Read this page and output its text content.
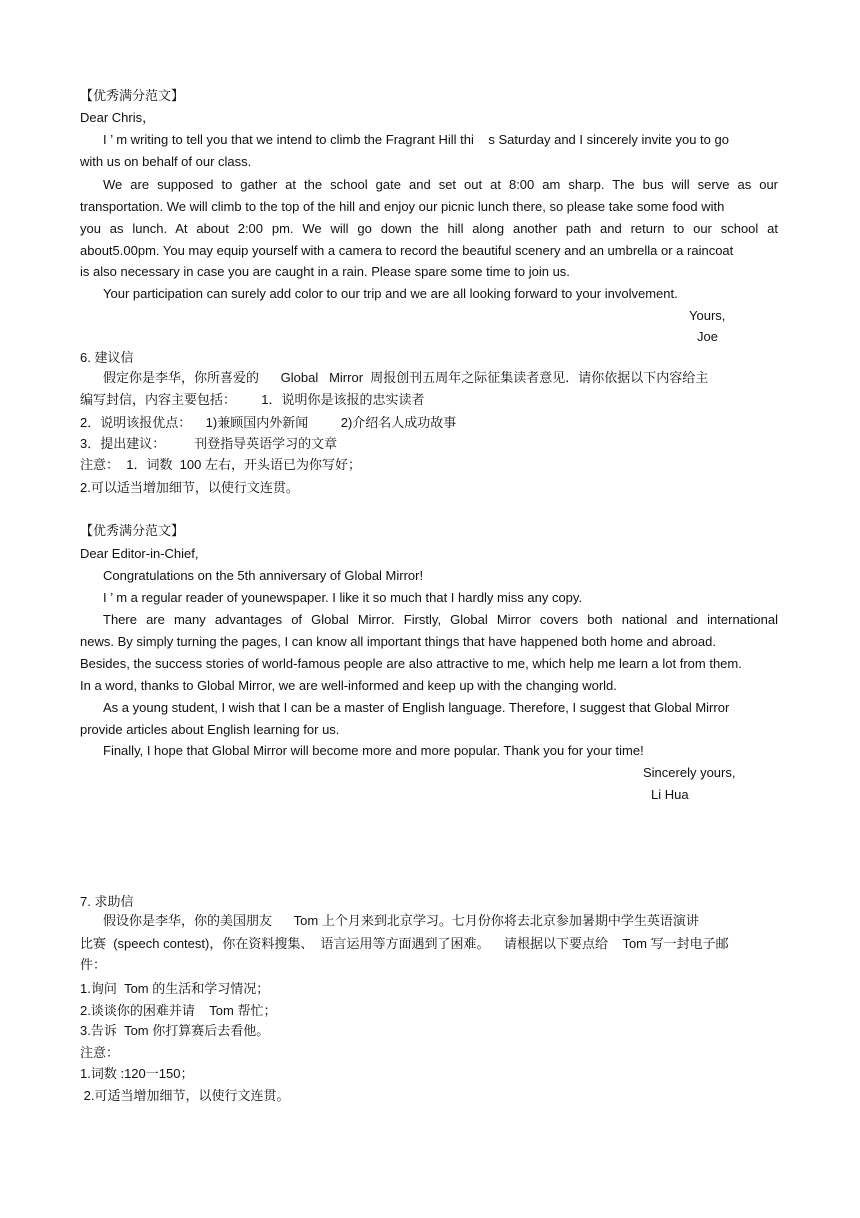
【优秀满分范文】
Dear Chris，
I ’ m writing to tell you that we intend to climb the Fragrant Hill thi    s Saturday and I sincerely invite you to go
with us on behalf of our class.
We are supposed to gather at the school gate and set out at 8:00 am sharp. The bus will serve as our
transportation. We will climb to the top of the hill and enjoy our picnic lunch there, so please take some food with
you as lunch. At about 2:00 pm. We will go down the hill along another path and return to our school at
about5.00pm. You may equip yourself with a camera to record the beautiful scenery and an umbrella or a raincoat
is also necessary in case you are caught in a rain. Please spare some time to join us.
Your participation can surely add color to our trip and we are all looking forward to your involvement.
Yours,
Joe
6. 建议信
假定你是李华，你所喜爱的      Global   Mirror  周报创刊五周年之际征集读者意见．请你依据以下内容给主
编写封信，内容主要包括：       1．说明你是该报的忠实读者
2．说明该报优点：    1)兼顾国内外新闻         2)介绍名人成功故事
3．提出建议：        刊登指导英语学习的文章
注意：  1．词数  100 左右，开头语已为你写好；
2.可以适当增加细节，以使行文连贯。
【优秀满分范文】
Dear Editor-in-Chief,
Congratulations on the 5th anniversary of Global Mirror!
I ’ m a regular reader of younewspaper. I like it so much that I hardly miss any copy.
There are many advantages of Global Mirror. Firstly, Global Mirror covers both national and international
news. By simply turning the pages, I can know all important things that have happened both home and abroad.
Besides, the success stories of world-famous people are also attractive to me, which help me learn a lot from them.
In a word, thanks to Global Mirror, we are well-informed and keep up with the changing world.
As a young student, I wish that I can be a master of English language. Therefore, I suggest that Global Mirror
provide articles about English learning for us.
Finally, I hope that Global Mirror will become more and more popular. Thank you for your time!
Sincerely yours,
Li Hua
7. 求助信
假设你是李华，你的美国朋友      Tom 上个月来到北京学习。七月份你将去北京参加暑期中学生英语演讲
比赛  (speech contest)，你在资料搜集、  语言运用等方面遇到了困难。    请根据以下要点给    Tom 写一封电子邮
件：
1.询问  Tom 的生活和学习情况；
2.谈谈你的困难并请    Tom 帮忙；
3.告诉  Tom 你打算赛后去看他。
注意：
1.词数 :120一150；
2.可适当增加细节，以使行文连贯。
